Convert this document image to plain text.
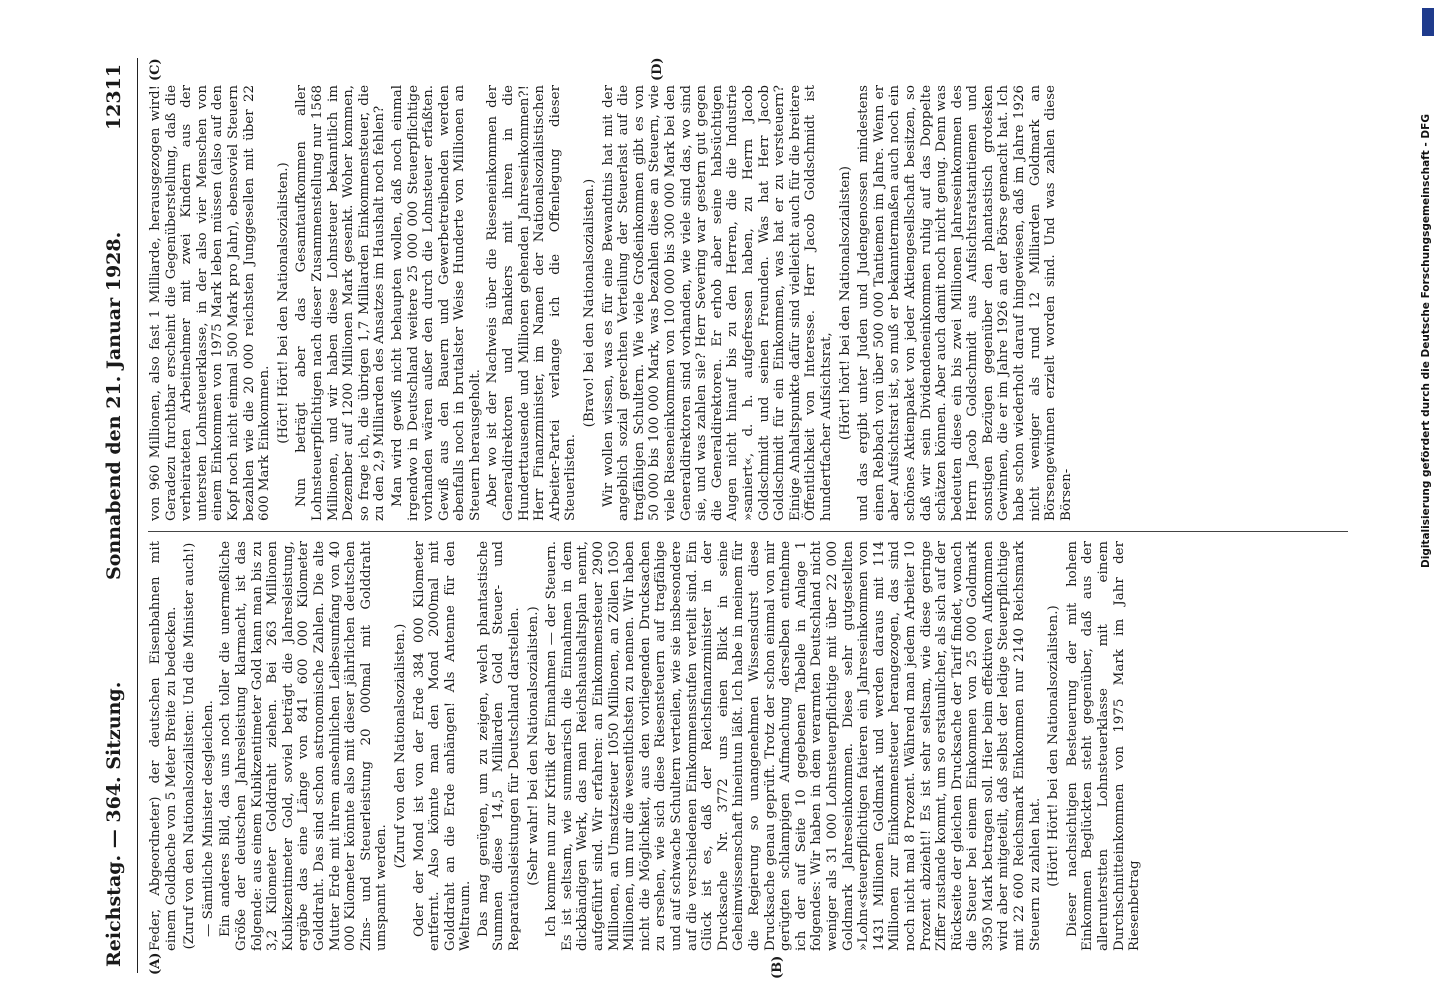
Reichstag. — 364. Sitzung.
Sonnabend den 21. Januar 1928.
12311
(A)	(B)
(C)	(D)

Feder, Abgeordneter) der deutschen Eisenbahnen mit einem Goldbache von 5 Meter Breite zu bedecken. (Zuruf von den Nationalsozialisten: Und die Minister auch!) — Sämtliche Minister desgleichen. Ein anderes Bild, das uns noch toller die unermeßliche Größe der deutschen Jahresleistung klarmacht, ist das folgende: aus einem Kubikzentimeter Gold kann man bis zu 3,2 Kilometer Golddraht ziehen. Bei 263 Millionen Kubikzentimeter Gold, soviel beträgt die Jahresleistung, ergäbe das eine Länge von 841 600 000 Kilometer Golddraht. Das sind schon astronomische Zahlen. Die alte Mutter Erde mit ihrem ansehnlichen Leibesumfang von 40 000 Kilometer könnte also mit dieser jährlichen deutschen Zins- und Steuerleistung 20 000mal mit Golddraht umspannt werden.

(Zuruf von den Nationalsozialisten.) Oder der Mond ist von der Erde 384 000 Kilometer entfernt. Also könnte man den Mond 2000mal mit Golddraht an die Erde anhängen! Als Antenne für den Weltraum. Das mag genügen, um zu zeigen, welch phantastische Summen diese 14,5 Milliarden Gold Steuer- und Reparationsleistungen für Deutschland darstellen. (Sehr wahr! bei den Nationalsozialisten.) Ich komme nun zur Kritik der Einnahmen — der Steuern. Es ist seltsam, wie summarisch die Einnahmen in dem dickbändigen Werk, das man Reichshaushaltsplan nennt, aufgeführt sind. Wir erfahren: an Einkommensteuer 2900 Millionen, an Umsatzsteuer 1050 Millionen, an Zöllen 1050 Millionen, um nur die wesentlichsten zu nennen. Wir haben nicht die Möglichkeit, aus den vorliegenden Drucksachen zu ersehen, wie sich diese Riesensteuern auf tragfähige und auf schwache Schultern verteilen, wie sie insbesondere auf die verschiedenen Einkommensstufen verteilt sind. Ein Glück ist es, daß der Reichsfinanzminister in der Drucksache Nr. 3772 uns einen Blick in seine Geheimwissenschaft hineintun läßt. Ich habe in meinem für die Regierung so unangenehmen Wissensdurst diese Drucksache genau geprüft. Trotz der schon einmal von mir gerügten schlampigen Aufmachung derselben entnehme ich der auf Seite 10 gegebenen Tabelle in Anlage 1 folgendes: Wir haben in dem verarmten Deutschland nicht weniger als 31 000 Lohnsteuerpflichtige mit über 22 000 Goldmark Jahreseinkommen. Diese sehr gutgestellten »Lohn«steuerpflichtigen fatieren ein Jahreseinkommen von 1431 Millionen Goldmark und werden daraus mit 114 Millionen zur Einkommensteuer herangezogen, das sind noch nicht mal 8 Prozent. Während man jedem Arbeiter 10 Prozent abzieht!! Es ist sehr seltsam, wie diese geringe Ziffer zustande kommt, um so erstaunlicher, als sich auf der Rückseite der gleichen Drucksache der Tarif findet, wonach die Steuer bei einem Einkommen von 25 000 Goldmark 3950 Mark betragen soll. Hier beim effektiven Aufkommen wird aber mitgeteilt, daß selbst der ledige Steuerpflichtige mit 22 600 Reichsmark Einkommen nur 2140 Reichsmark Steuern zu zahlen hat. (Hört! Hört! bei den Nationalsozialisten.) Dieser nachsichtigen Besteuerung der mit hohem Einkommen Beglückten steht gegenüber, daß aus der allerunterstten Lohnsteuerklasse mit einem Durchschnitteinkommen von 1975 Mark im Jahr der Riesenbetrag

von 960 Millionen, also fast 1 Milliarde, herausgezogen wird! Geradezu furchtbar erscheint die Gegenüberstellung, daß die verheirateten Arbeitnehmer mit zwei Kindern aus der untersten Lohnsteuerklasse, in der also vier Menschen von einem Einkommen von 1975 Mark leben müssen (also auf den Kopf noch nicht einmal 500 Mark pro Jahr), ebensoviel Steuern bezahlen wie die 20 000 reichsten Junggesellen mit über 22 600 Mark Einkommen. (Hört! Hört! bei den Nationalsozialisten.) Nun beträgt aber das Gesamtaufkommen aller Lohnsteuerpflichtigen nach dieser Zusammenstellung nur 1568 Millionen, und wir haben diese Lohnsteuer bekanntlich im Dezember auf 1200 Millionen Mark gesenkt. Woher kommen, so frage ich, die übrigen 1,7 Milliarden Einkommensteuer, die zu den 2,9 Milliarden des Ansatzes im Haushalt noch fehlen? Man wird gewiß nicht behaupten wollen, daß noch einmal irgendwo in Deutschland weitere 25 000 000 Steuerpflichtige vorhanden wären außer den durch die Lohnsteuer erfaßten. Gewiß aus den Bauern und Gewerbetreibenden werden ebenfalls noch in brutalster Weise Hunderte von Millionen an Steuern herausgeholt. Aber wo ist der Nachweis über die Rieseneinkommen der Generaldirektoren und Bankiers mit ihren in die Hunderttausende und Millionen gehenden Jahreseinkommen?! Herr Finanzminister, im Namen der Nationalsozialistischen Arbeiter-Partei verlange ich die Offenlegung dieser Steuerlisten.

(Bravo! bei den Nationalsozialisten.) Wir wollen wissen, was es für eine Bewandtnis hat mit der angeblich sozial gerechten Verteilung der Steuerlast auf die tragfähigen Schultern. Wie viele Großeinkommen gibt es von 50 000 bis 100 000 Mark, was bezahlen diese an Steuern, wie viele Rieseneinkommen von 100 000 bis 300 000 Mark bei den Generaldirektoren sind vorhanden, wie viele sind das, wo sind sie, und was zahlen sie? Herr Severing war gestern gut gegen die Generaldirektoren. Er erhob aber seine habsüchtigen Augen nicht hinauf bis zu den Herren, die die Industrie »saniert«, d. h. aufgefressen haben, zu Herrn Jacob Goldschmidt und seinen Freunden. Was hat Herr Jacob Goldschmidt für ein Einkommen, was hat er zu versteuern? Einige Anhaltspunkte dafür sind vielleicht auch für die breitere Öffentlichkeit von Interesse. Herr Jacob Goldschmidt ist hundertfacher Aufsichtsrat, (Hört! hört! bei den Nationalsozialisten) und das ergibt unter Juden und Judengenossen mindestens einen Rebbach von über 500 000 Tantiemen im Jahre. Wenn er aber Aufsichtsrat ist, so muß er bekanntermaßen auch noch ein schönes Aktienpaket von jeder Aktiengesellschaft besitzen, so daß wir sein Dividendeneinkommen ruhig auf das Doppelte schätzen können. Aber auch damit noch nicht genug. Denn was bedeuten diese ein bis zwei Millionen Jahreseinkommen des Herrn Jacob Goldschmidt aus Aufsichtsratstantiemen und sonstigen Bezügen gegenüber den phantastisch grotesken Gewinnen, die er im Jahre 1926 an der Börse gemacht hat. Ich habe schon wiederholt darauf hingewiesen, daß im Jahre 1926 nicht weniger als rund 12 Milliarden Goldmark an Börsengewinnen erzielt worden sind. Und was zahlen diese Börsen-	Digitalisierung gefördert durch die Deutsche Forschungsgemeinschaft - DFG
